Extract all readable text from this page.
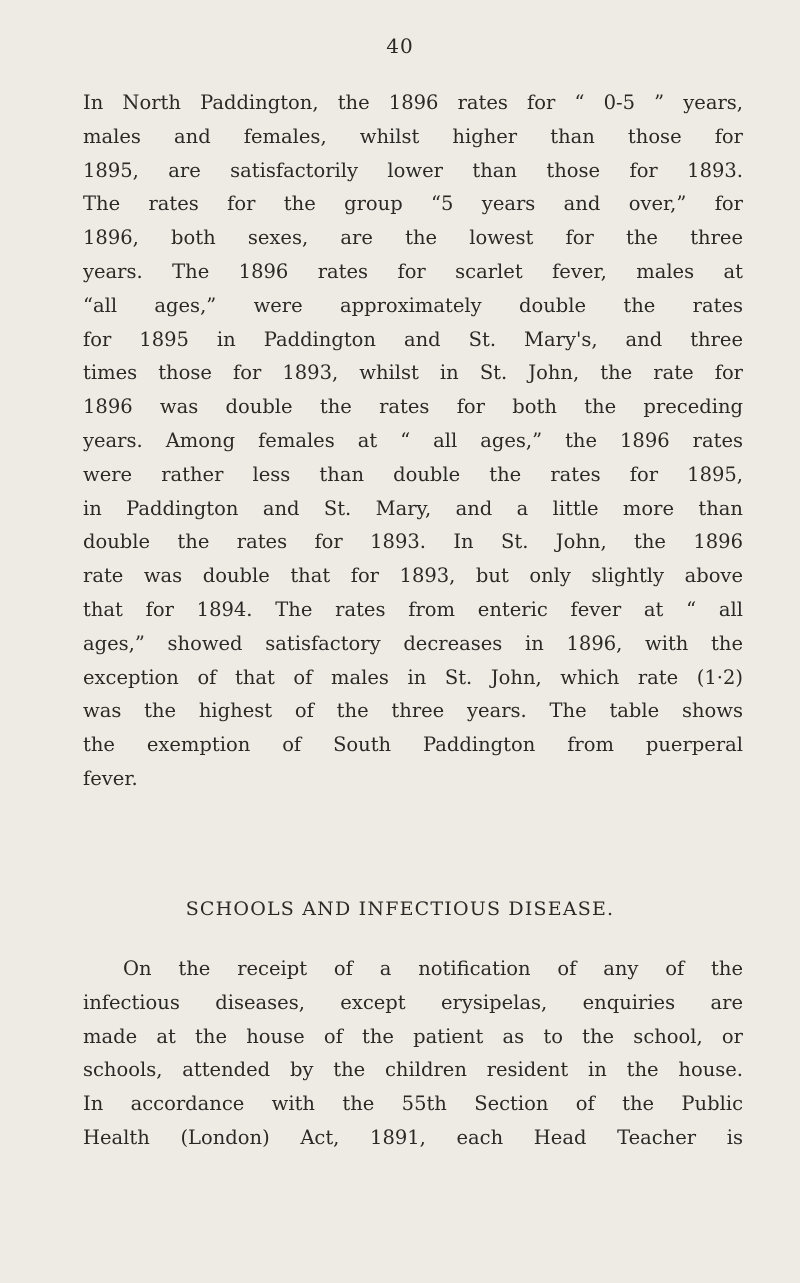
40

In North Paddington, the 1896 rates for “ 0-5 ” years,
males and females, whilst higher than those for
1895, are satisfactorily lower than those for 1893.
The rates for the group “5 years and over,” for
1896, both sexes, are the lowest for the three
years. The 1896 rates for scarlet fever, males at
“all ages,” were approximately double the rates
for 1895 in Paddington and St. Mary's, and three
times those for 1893, whilst in St. John, the rate for
1896 was double the rates for both the preceding
years. Among females at “ all ages,” the 1896 rates
were rather less than double the rates for 1895,
in Paddington and St. Mary, and a little more than
double the rates for 1893. In St. John, the 1896
rate was double that for 1893, but only slightly above
that for 1894. The rates from enteric fever at “ all
ages,” showed satisfactory decreases in 1896, with the
exception of that of males in St. John, which rate (1·2)
was the highest of the three years. The table shows
the exemption of South Paddington from puerperal
fever.

SCHOOLS AND INFECTIOUS DISEASE.

On the receipt of a notification of any of the
infectious diseases, except erysipelas, enquiries are
made at the house of the patient as to the school, or
schools, attended by the children resident in the house.
In accordance with the 55th Section of the Public
Health (London) Act, 1891, each Head Teacher is
